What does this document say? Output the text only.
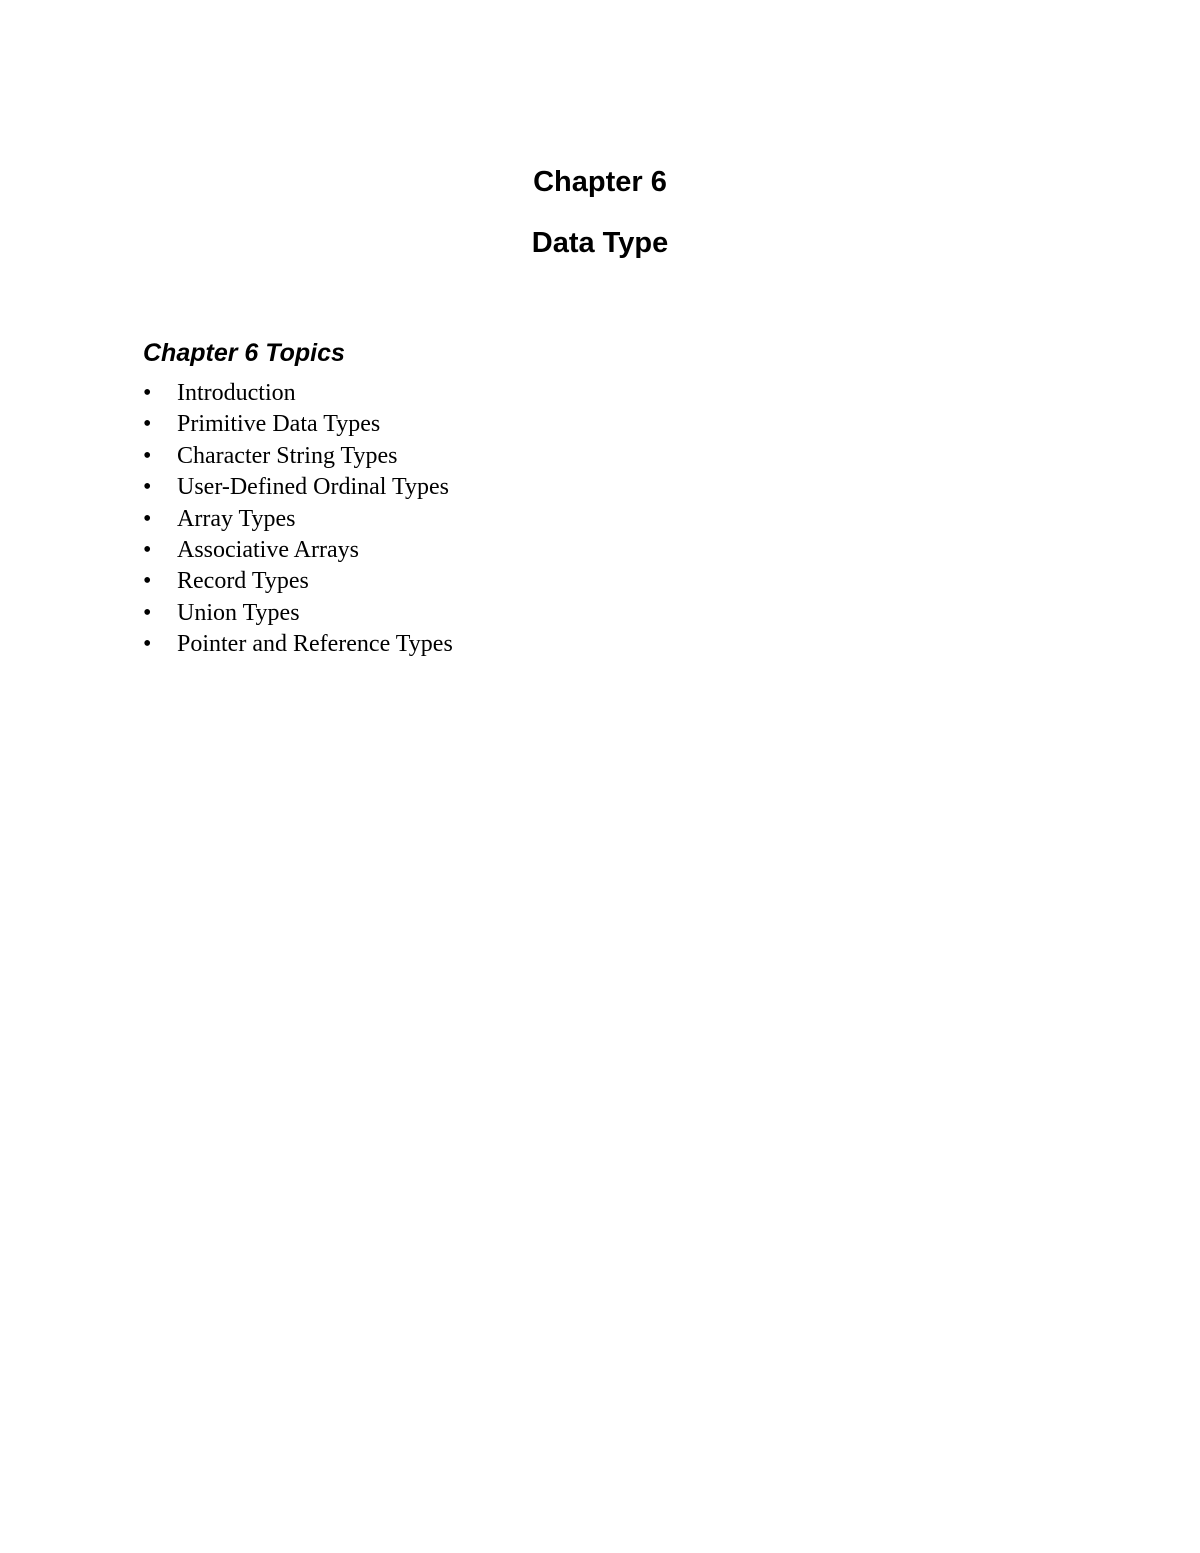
Chapter 6
Data Type
Chapter 6 Topics
• Introduction
• Primitive Data Types
• Character String Types
• User-Defined Ordinal Types
• Array Types
• Associative Arrays
• Record Types
• Union Types
• Pointer and Reference Types
